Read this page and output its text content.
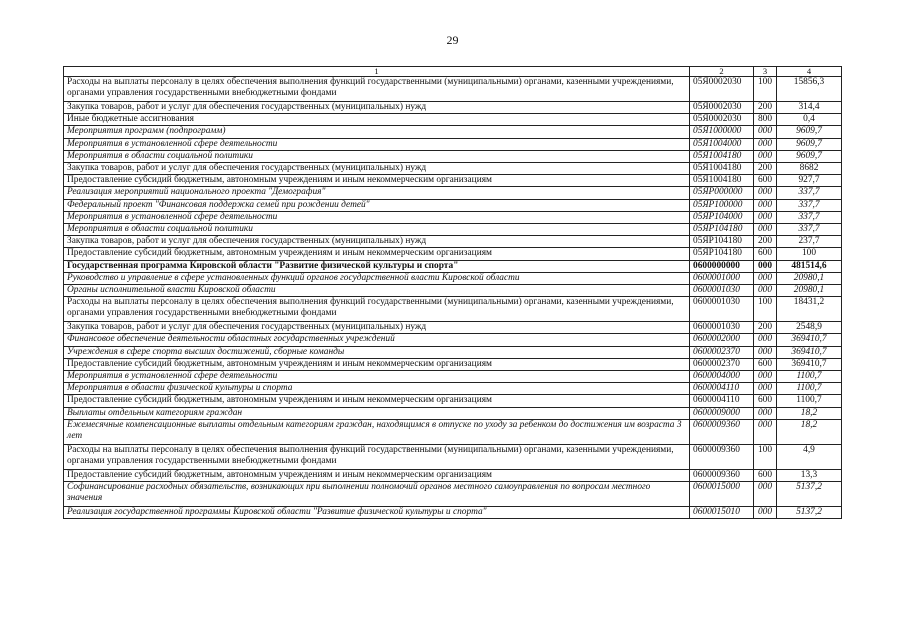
29
1	2	3	4
Расходы на выплаты персоналу в целях обеспечения выполнения функций государственными (муниципальными) органами, казенными учреждениями, органами управления государственными внебюджетными фондами	05Я0002030	100	15856,3
Закупка товаров, работ и услуг для обеспечения государственных (муниципальных) нужд	05Я0002030	200	314,4
Иные бюджетные ассигнования	05Я0002030	800	0,4
Мероприятия программ (подпрограмм)	05Я1000000	000	9609,7
Мероприятия в установленной сфере деятельности	05Я1004000	000	9609,7
Мероприятия в области социальной политики	05Я1004180	000	9609,7
Закупка товаров, работ и услуг для обеспечения государственных (муниципальных) нужд	05Я1004180	200	8682
Предоставление субсидий бюджетным, автономным учреждениям и иным некоммерческим организациям	05Я1004180	600	927,7
Реализация мероприятий национального проекта "Демография"	05ЯР000000	000	337,7
Федеральный проект "Финансовая поддержка семей при рождении детей"	05ЯР100000	000	337,7
Мероприятия в установленной сфере деятельности	05ЯР104000	000	337,7
Мероприятия в области социальной политики	05ЯР104180	000	337,7
Закупка товаров, работ и услуг для обеспечения государственных (муниципальных) нужд	05ЯР104180	200	237,7
Предоставление субсидий бюджетным, автономным учреждениям и иным некоммерческим организациям	05ЯР104180	600	100
Государственная программа Кировской области "Развитие физической культуры и спорта"	0600000000	000	481514,6
Руководство и управление в сфере установленных функций органов государственной власти Кировской области	0600001000	000	20980,1
Органы исполнительной власти Кировской области	0600001030	000	20980,1
Расходы на выплаты персоналу в целях обеспечения выполнения функций государственными (муниципальными) органами, казенными учреждениями, органами управления государственными внебюджетными фондами	0600001030	100	18431,2
Закупка товаров, работ и услуг для обеспечения государственных (муниципальных) нужд	0600001030	200	2548,9
Финансовое обеспечение деятельности областных государственных учреждений	0600002000	000	369410,7
Учреждения в сфере спорта высших достижений, сборные команды	0600002370	000	369410,7
Предоставление субсидий бюджетным, автономным учреждениям и иным некоммерческим организациям	0600002370	600	369410,7
Мероприятия в установленной сфере деятельности	0600004000	000	1100,7
Мероприятия в области физической культуры и спорта	0600004110	000	1100,7
Предоставление субсидий бюджетным, автономным учреждениям и иным некоммерческим организациям	0600004110	600	1100,7
Выплаты отдельным категориям граждан	0600009000	000	18,2
Ежемесячные компенсационные выплаты отдельным категориям граждан, находящимся в отпуске по уходу за ребенком до достижения им возраста 3 лет	0600009360	000	18,2
Расходы на выплаты персоналу в целях обеспечения выполнения функций государственными (муниципальными) органами, казенными учреждениями, органами управления государственными внебюджетными фондами	0600009360	100	4,9
Предоставление субсидий бюджетным, автономным учреждениям и иным некоммерческим организациям	0600009360	600	13,3
Софинансирование расходных обязательств, возникающих при выполнении полномочий органов местного самоуправления по вопросам местного значения	0600015000	000	5137,2
Реализация государственной программы Кировской области "Развитие физической культуры и спорта"	0600015010	000	5137,2
